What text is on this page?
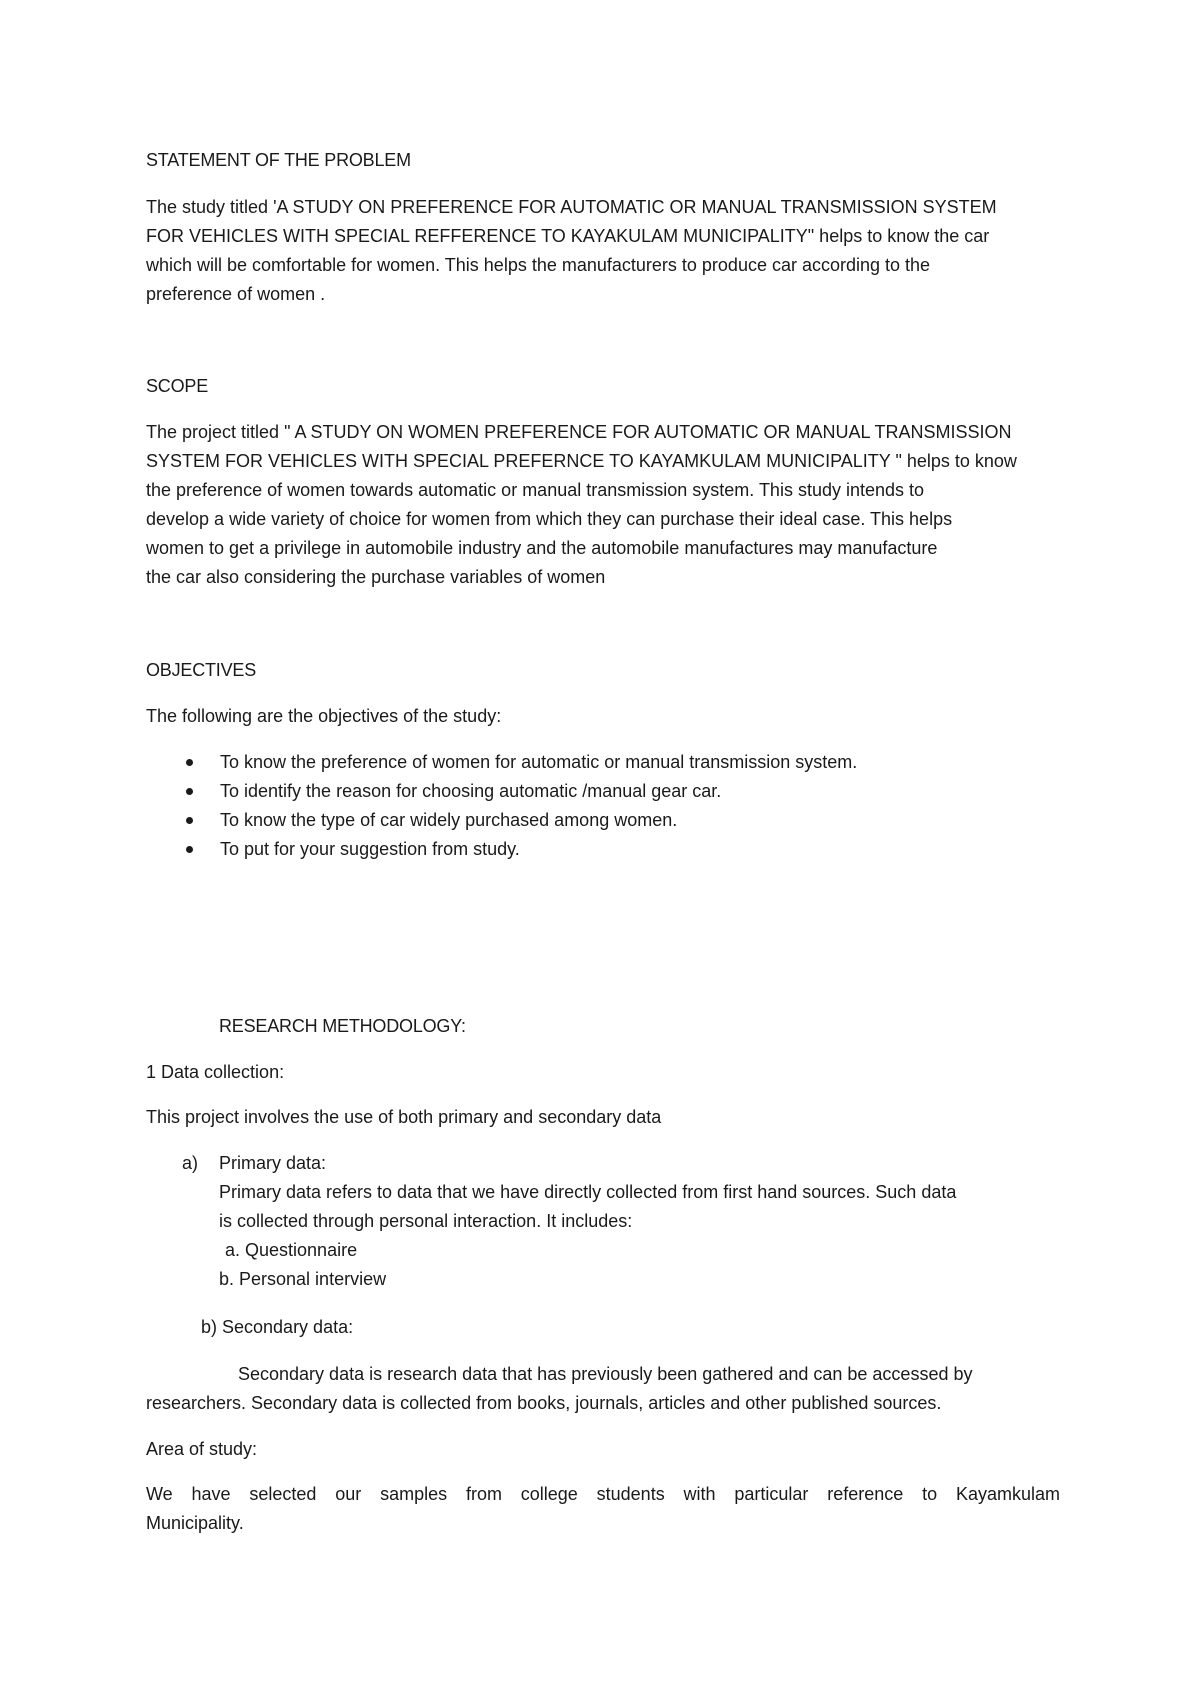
STATEMENT OF THE PROBLEM
The study titled 'A STUDY ON PREFERENCE FOR AUTOMATIC OR MANUAL TRANSMISSION SYSTEM
FOR VEHICLES WITH SPECIAL REFFERENCE TO KAYAKULAM MUNICIPALITY" helps to know the car
which will be comfortable for women. This helps the manufacturers to produce car according to the
preference of women .
SCOPE
The project titled " A STUDY ON WOMEN PREFERENCE FOR AUTOMATIC OR MANUAL TRANSMISSION
SYSTEM FOR VEHICLES WITH SPECIAL PREFERNCE TO KAYAMKULAM MUNICIPALITY " helps to know
the preference of women towards automatic or manual transmission system. This study intends to
develop a wide variety of choice for women from which they can purchase their ideal case. This helps
women to get a privilege in automobile industry and the automobile manufactures may manufacture
the car also considering the purchase variables of women
OBJECTIVES
The following are the objectives of the study:
To know the preference of women for automatic or manual transmission system.
To identify the reason for choosing automatic /manual gear car.
To know the type of car widely purchased among women.
To put for your suggestion from study.
RESEARCH METHODOLOGY:
1 Data collection:
This project involves the use of both primary and secondary data
a)	Primary data:
Primary data refers to data that we have directly collected from first hand sources. Such data
is collected through personal interaction. It includes:
a. Questionnaire
b. Personal interview
b) Secondary data:
Secondary data is research data that has previously been gathered and can be accessed by
researchers. Secondary data is collected from books, journals, articles and other published sources.
Area of study:
We have selected our samples from college students with particular reference to Kayamkulam
Municipality.
